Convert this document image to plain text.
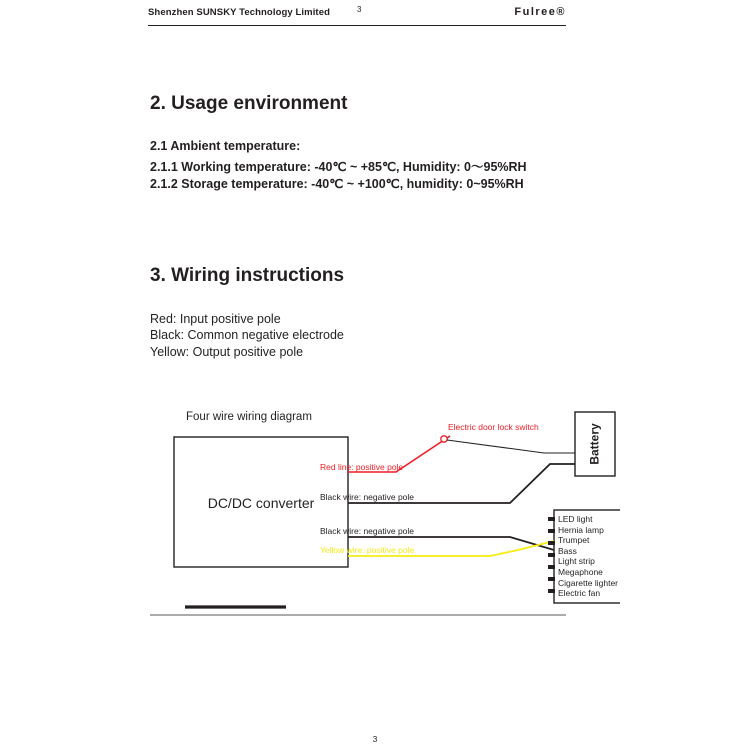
Shenzhen SUNSKY Technology Limited	3	Fulree®
2. Usage environment
2.1 Ambient temperature:
2.1.1 Working temperature: -40℃ ~ +85℃, Humidity: 0～95%RH
2.1.2 Storage temperature: -40℃ ~ +100℃, humidity: 0~95%RH
3. Wiring instructions
Red: Input positive pole
Black: Common negative electrode
Yellow: Output positive pole
Four wire wiring diagram
DC/DC converter
Battery
Electric door lock switch
Red line: positive pole
Black wire: negative pole
Black wire: negative pole
Yellow wire: positive pole
LED light
Hernia lamp
Trumpet
Bass
Light strip
Megaphone
Cigarette lighter
Electric fan
3
